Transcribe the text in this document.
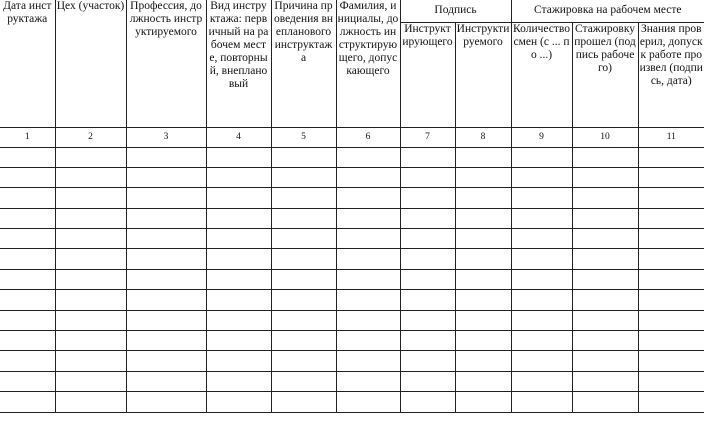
Дата инструктажа	Цех (участок)	Профессия, должность инструктируемого	Вид инструктажа: первичный на рабочем месте, повторный, внеплановый	Причина проведения внепланового инструктажа	Фамилия, инициалы, должность инструктирующего, допускающего	Подпись		Стажировка на рабочем месте		
						Инструктирующего	Инструктируемого	Количество смен (с ... по ...)	Стажировку прошел (подпись рабочего)	Знания проверил, допуск к работе произвел (подпись, дата)
1	2	3	4	5	6	7	8	9	10	11
